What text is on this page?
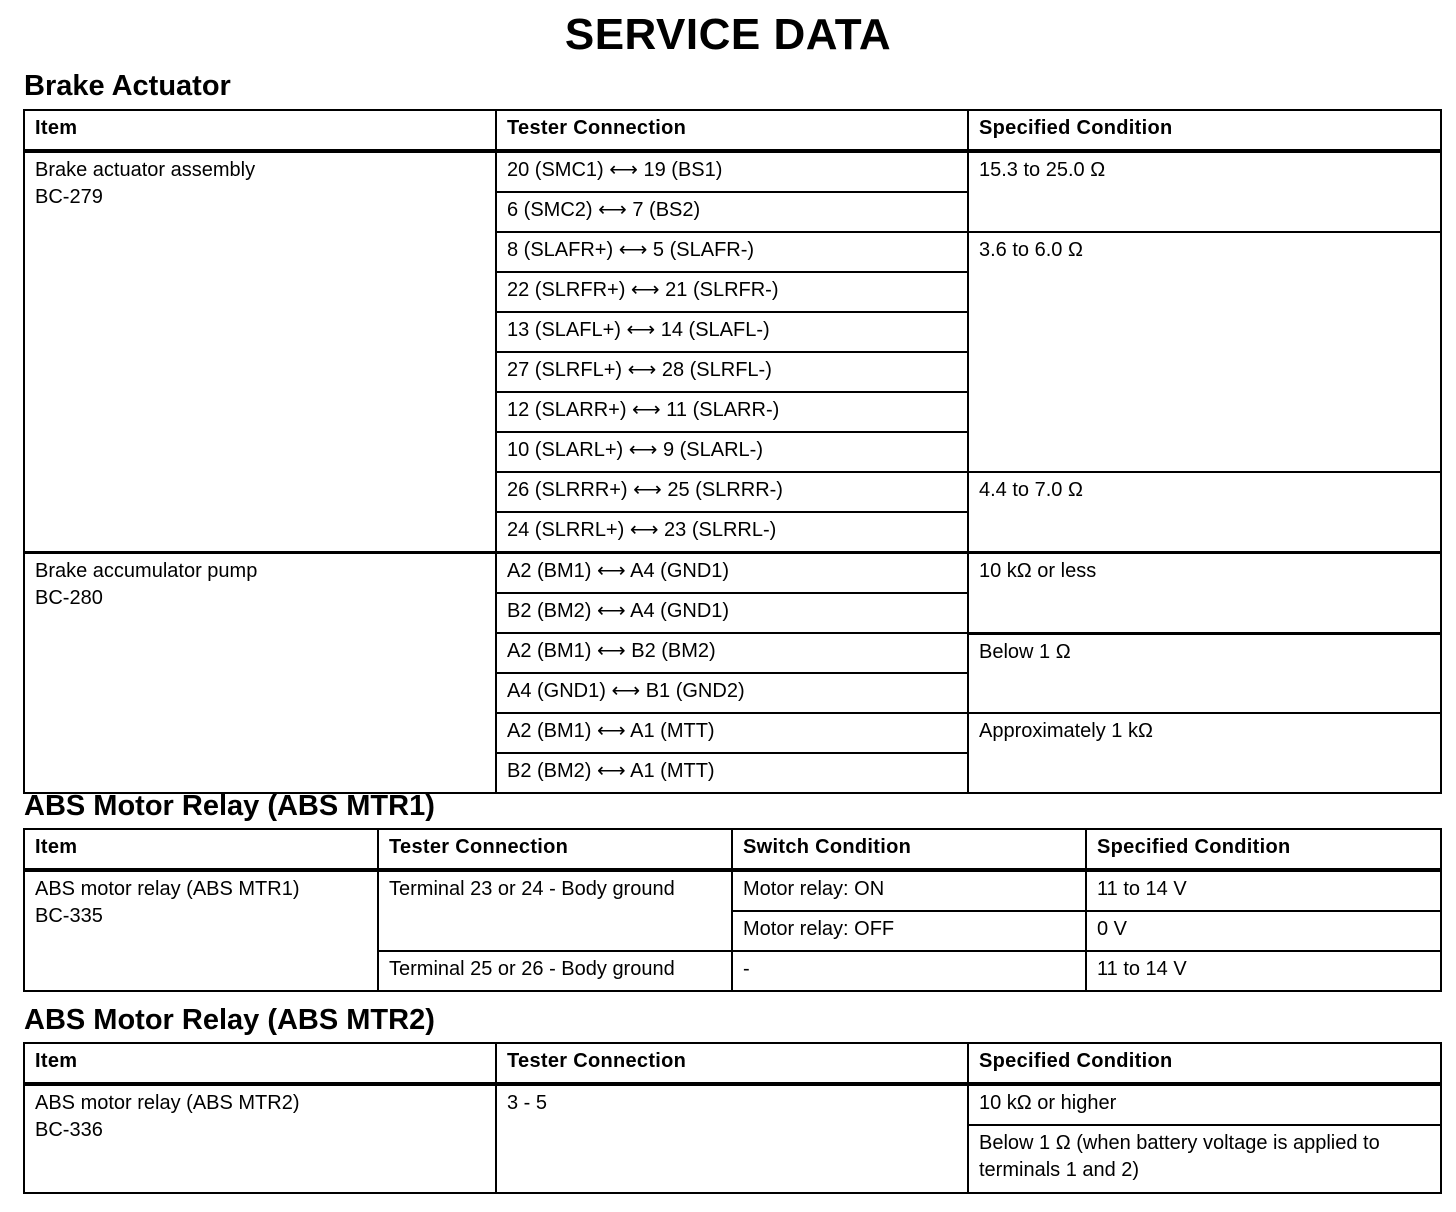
SERVICE DATA
Brake Actuator
Item	Tester Connection	Specified Condition

Brake actuator assembly
BC-279	20 (SMC1) ⟷ 19 (BS1)	15.3 to 25.0 Ω
	6 (SMC2) ⟷ 7 (BS2)	
	8 (SLAFR+) ⟷ 5 (SLAFR-)	3.6 to 6.0 Ω
	22 (SLRFR+) ⟷ 21 (SLRFR-)	
	13 (SLAFL+) ⟷ 14 (SLAFL-)	
	27 (SLRFL+) ⟷ 28 (SLRFL-)	
	12 (SLARR+) ⟷ 11 (SLARR-)	
	10 (SLARL+) ⟷ 9 (SLARL-)	
	26 (SLRRR+) ⟷ 25 (SLRRR-)	4.4 to 7.0 Ω
	24 (SLRRL+) ⟷ 23 (SLRRL-)	

Brake accumulator pump
BC-280	A2 (BM1) ⟷ A4 (GND1)	10 kΩ or less
	B2 (BM2) ⟷ A4 (GND1)	
	A2 (BM1) ⟷ B2 (BM2)	Below 1 Ω
	A4 (GND1) ⟷ B1 (GND2)	
	A2 (BM1) ⟷ A1 (MTT)	Approximately 1 kΩ
	B2 (BM2) ⟷ A1 (MTT)	
ABS Motor Relay (ABS MTR1)
Item	Tester Connection	Switch Condition	Specified Condition

ABS motor relay (ABS MTR1)
BC-335	Terminal 23 or 24 - Body ground	Motor relay: ON	11 to 14 V
		Motor relay: OFF	0 V
	Terminal 25 or 26 - Body ground	-	11 to 14 V
ABS Motor Relay (ABS MTR2)
Item	Tester Connection	Specified Condition

ABS motor relay (ABS MTR2)
BC-336	3 - 5	10 kΩ or higher
		Below 1 Ω (when battery voltage is applied to terminals 1 and 2)
